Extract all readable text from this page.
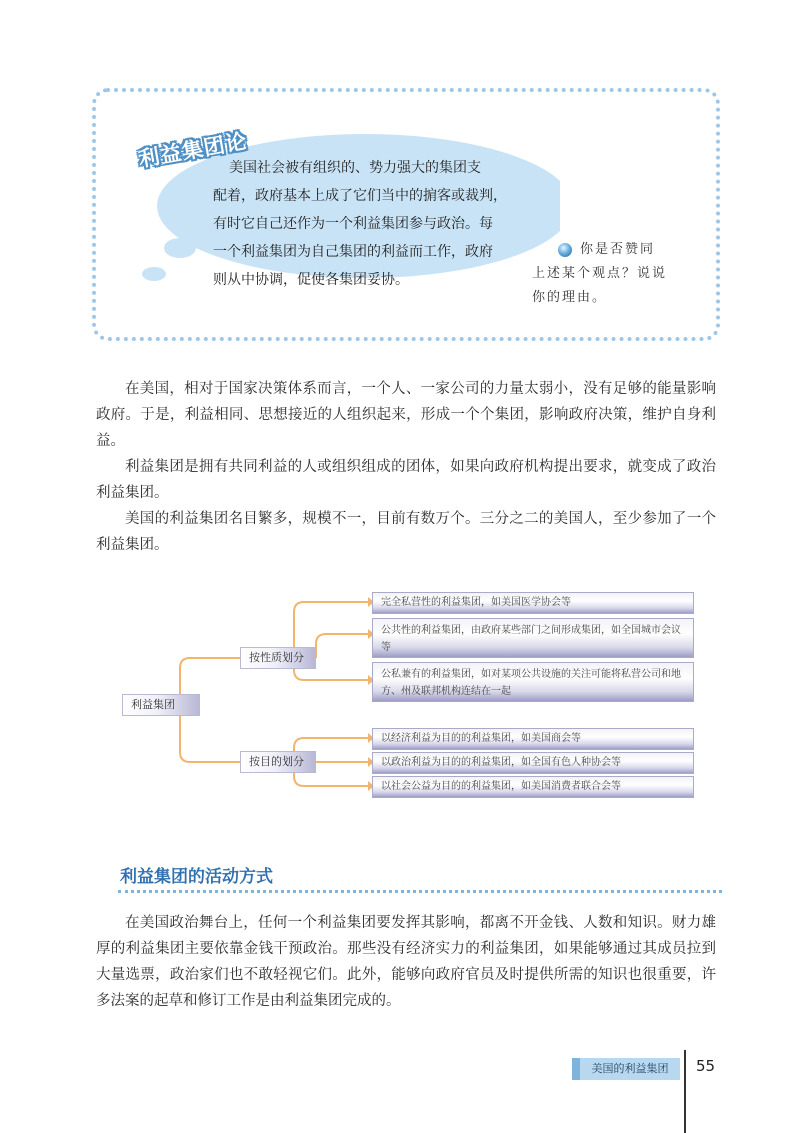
利益集团论
美国社会被有组织的、势力强大的集团支
配着，政府基本上成了它们当中的掮客或裁判，
有时它自己还作为一个利益集团参与政治。每
一个利益集团为自己集团的利益而工作，政府
则从中协调，促使各集团妥协。
你是否赞同
上述某个观点？说说
你的理由。

在美国，相对于国家决策体系而言，一个人、一家公司的力量太弱小，没有足够的能量影响政府。于是，利益相同、思想接近的人组织起来，形成一个个集团，影响政府决策，维护自身利益。

利益集团是拥有共同利益的人或组织组成的团体，如果向政府机构提出要求，就变成了政治利益集团。

美国的利益集团名目繁多，规模不一，目前有数万个。三分之二的美国人，至少参加了一个利益集团。

利益集团
按性质划分
按目的划分
完全私营性的利益集团，如美国医学协会等
公共性的利益集团，由政府某些部门之间形成集团，如全国城市会议等
公私兼有的利益集团，如对某项公共设施的关注可能将私营公司和地方、州及联邦机构连结在一起
以经济利益为目的的利益集团，如美国商会等
以政治利益为目的的利益集团，如全国有色人种协会等
以社会公益为目的的利益集团，如美国消费者联合会等
利益集团的活动方式

在美国政治舞台上，任何一个利益集团要发挥其影响，都离不开金钱、人数和知识。财力雄厚的利益集团主要依靠金钱干预政治。那些没有经济实力的利益集团，如果能够通过其成员拉到大量选票，政治家们也不敢轻视它们。此外，能够向政府官员及时提供所需的知识也很重要，许多法案的起草和修订工作是由利益集团完成的。

美国的利益集团	55
